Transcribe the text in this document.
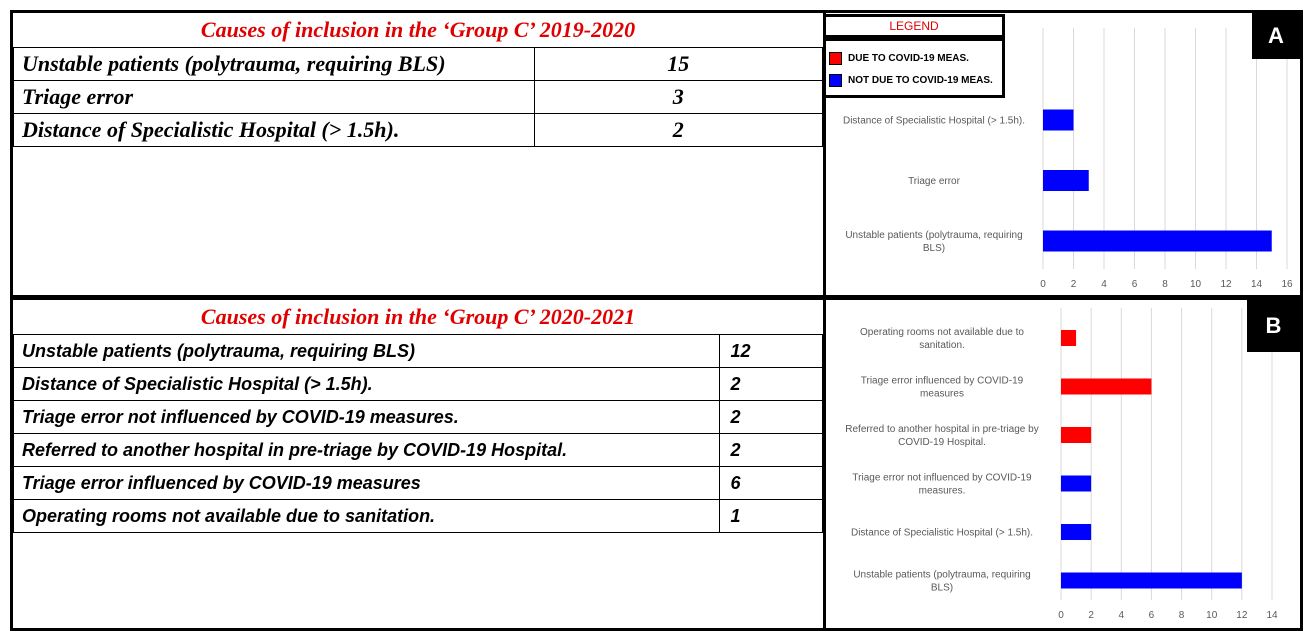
Causes of inclusion in the ‘Group C’ 2019-2020
Unstable patients (polytrauma, requiring BLS)	15
Triage error	3
Distance of Specialistic Hospital (> 1.5h).	2
Causes of inclusion in the ‘Group C’ 2020-2021
Unstable patients (polytrauma, requiring BLS)	12
Distance of Specialistic Hospital (> 1.5h).	2
Triage error not influenced by COVID-19 measures.	2
Referred to another hospital in pre-triage by COVID-19 Hospital.	2
Triage error influenced by COVID-19 measures	6
Operating rooms not available due to sanitation.	1
0 2 4 6 8 10 12 14 16
Distance of Specialistic Hospital (> 1.5h).
Triage error
Unstable patients (polytrauma, requiring
BLS)
A
0 2 4 6 8 10 12 14
Operating rooms not available due to
sanitation.
Triage error influenced by COVID-19
measures
Referred to another hospital in pre-triage by
COVID-19 Hospital.
Triage error not influenced by COVID-19
measures.
Distance of Specialistic Hospital (> 1.5h).
Unstable patients (polytrauma, requiring
BLS)
B
LEGEND
DUE TO COVID-19 MEAS.
NOT DUE TO COVID-19 MEAS.
